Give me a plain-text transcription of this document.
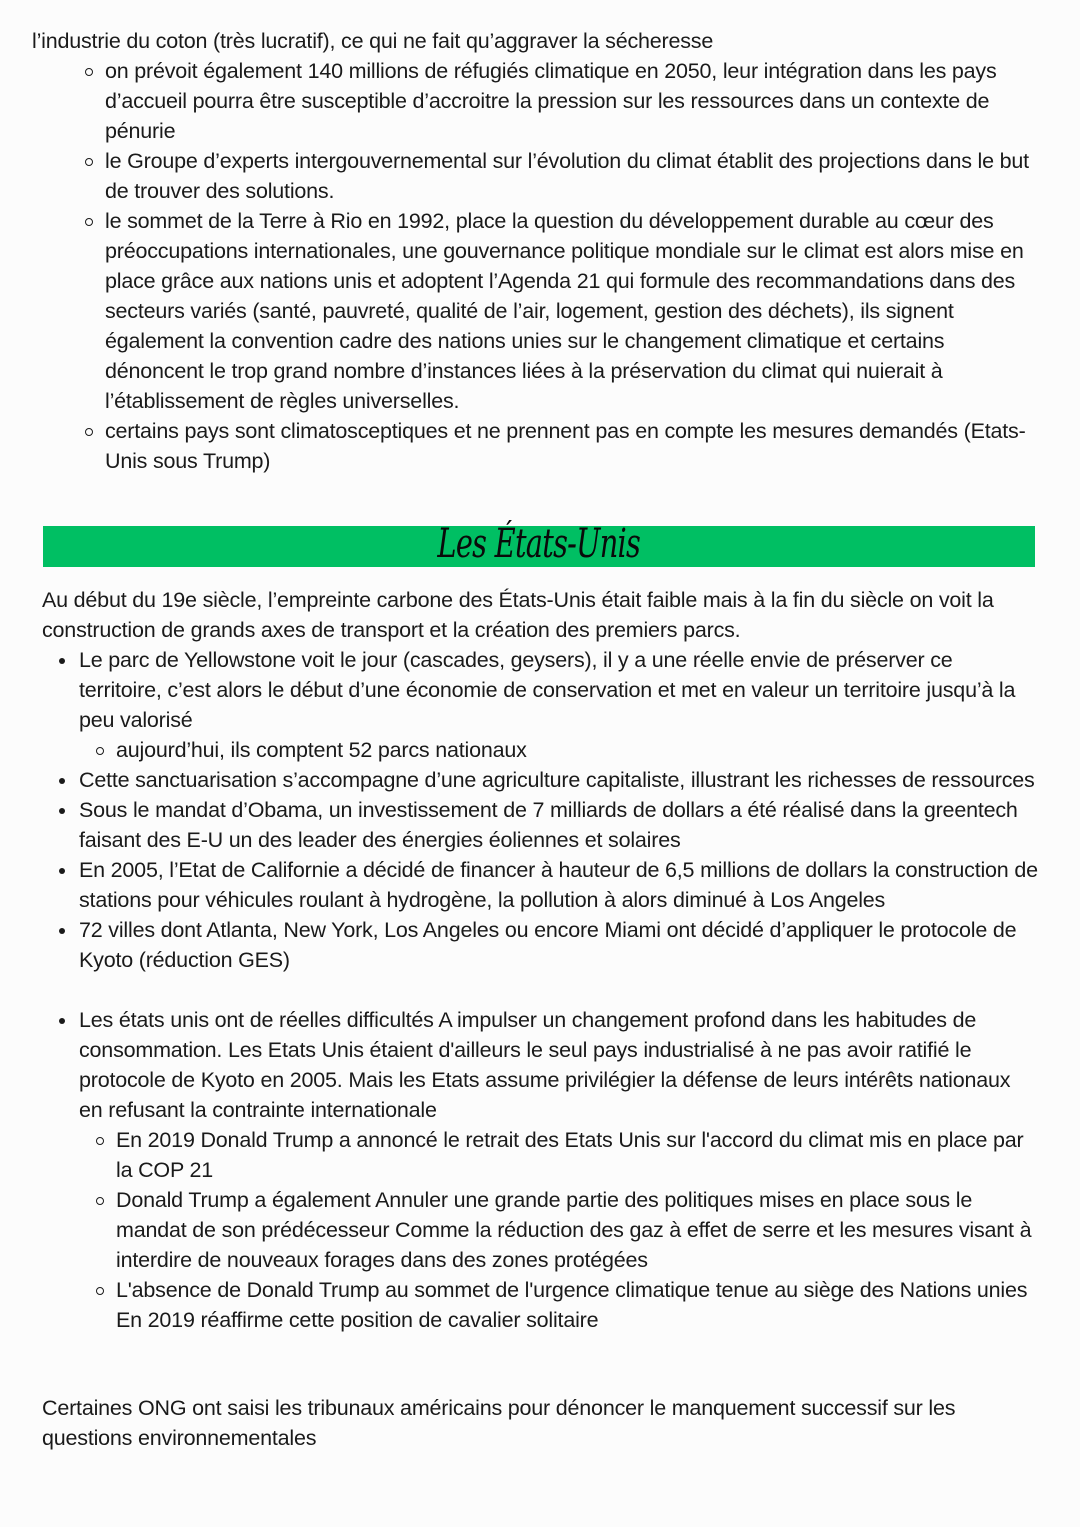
l’industrie du coton (très lucratif), ce qui ne fait qu’aggraver la sécheresse

on prévoit également 140 millions de réfugiés climatique en 2050, leur intégration dans les pays d’accueil pourra être susceptible d’accroitre la pression sur les ressources dans un contexte de pénurie

le Groupe d’experts intergouvernemental sur l’évolution du climat établit des projections dans le but de trouver des solutions.

le sommet de la Terre à Rio en 1992, place la question du développement durable au cœur des préoccupations internationales, une gouvernance politique mondiale sur le climat est alors mise en place grâce aux nations unis et adoptent l’Agenda 21 qui formule des recommandations dans des secteurs variés (santé, pauvreté, qualité de l’air, logement, gestion des déchets), ils signent également la convention cadre des nations unies sur le changement climatique et certains dénoncent le trop grand nombre d’instances liées à la préservation du climat qui nuierait à l’établissement de règles universelles.

certains pays sont climatosceptiques et ne prennent pas en compte les mesures demandés (Etats-Unis sous Trump)

Les États-Unis

Au début du 19e siècle, l’empreinte carbone des États-Unis était faible mais à la fin du siècle on voit la construction de grands axes de transport et la création des premiers parcs.

Le parc de Yellowstone voit le jour (cascades, geysers), il y a une réelle envie de préserver ce territoire, c’est alors le début d’une économie de conservation et met en valeur un territoire jusqu’à la peu valorisé

aujourd’hui, ils comptent 52 parcs nationaux

Cette sanctuarisation s’accompagne d’une agriculture capitaliste, illustrant les richesses de ressources

Sous le mandat d’Obama, un investissement de 7 milliards de dollars a été réalisé dans la greentech faisant des E-U un des leader des énergies éoliennes et solaires

En 2005, l’Etat de Californie a décidé de financer à hauteur de 6,5 millions de dollars la construction de stations pour véhicules roulant à hydrogène, la pollution à alors diminué à Los Angeles

72 villes dont Atlanta, New York, Los Angeles ou encore Miami ont décidé d’appliquer le protocole de Kyoto (réduction GES)

Les états unis ont de réelles difficultés A impulser un changement profond dans les habitudes de consommation. Les Etats Unis étaient d'ailleurs le seul pays industrialisé à ne pas avoir ratifié le protocole de Kyoto en 2005. Mais les Etats assume privilégier la défense de leurs intérêts nationaux en refusant la contrainte internationale

En 2019 Donald Trump a annoncé le retrait des Etats Unis sur l'accord du climat mis en place par la COP 21

Donald Trump a également Annuler une grande partie des politiques mises en place sous le mandat de son prédécesseur Comme la réduction des gaz à effet de serre et les mesures visant à interdire de nouveaux forages dans des zones protégées

L'absence de Donald Trump au sommet de l'urgence climatique tenue au siège des Nations unies En 2019 réaffirme cette position de cavalier solitaire

Certaines ONG ont saisi les tribunaux américains pour dénoncer le manquement successif sur les questions environnementales
